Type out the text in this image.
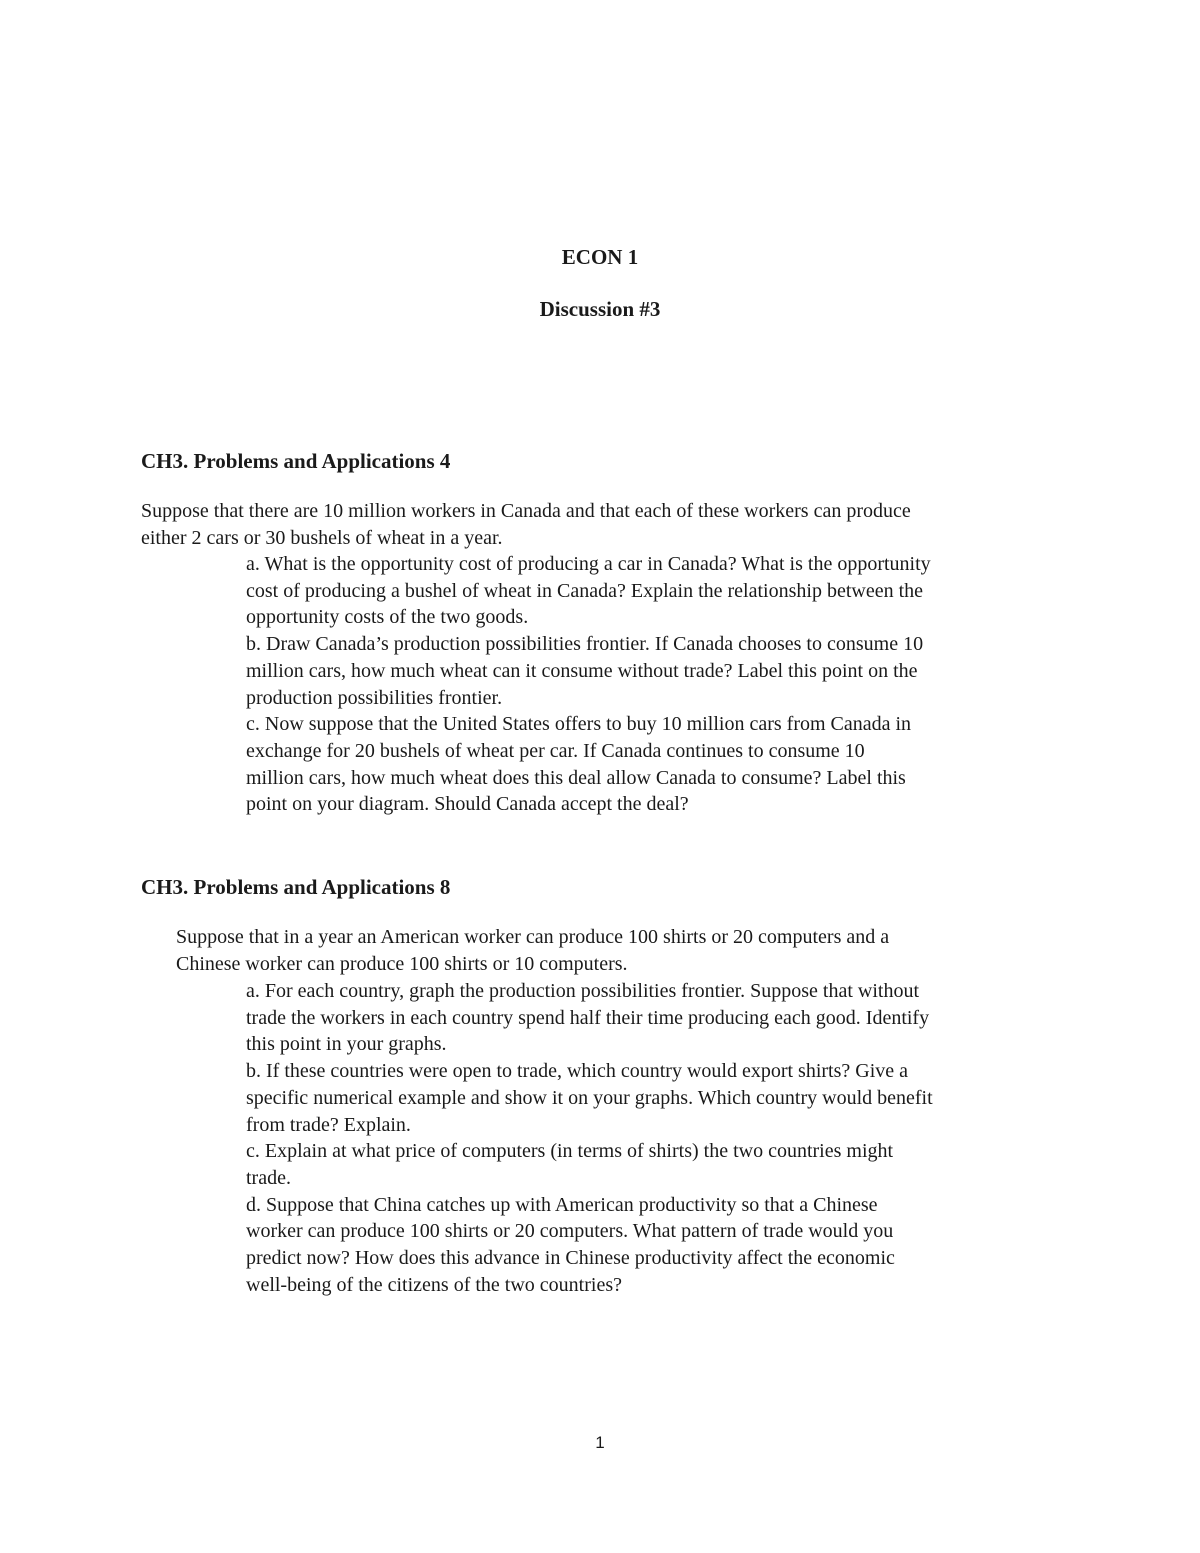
ECON 1
Discussion #3
CH3. Problems and Applications 4

Suppose that there are 10 million workers in Canada and that each of these workers can produce
either 2 cars or 30 bushels of wheat in a year.

a. What is the opportunity cost of producing a car in Canada? What is the opportunity
cost of producing a bushel of wheat in Canada? Explain the relationship between the
opportunity costs of the two goods.
b. Draw Canada’s production possibilities frontier. If Canada chooses to consume 10
million cars, how much wheat can it consume without trade? Label this point on the
production possibilities frontier.
c. Now suppose that the United States offers to buy 10 million cars from Canada in
exchange for 20 bushels of wheat per car. If Canada continues to consume 10
million cars, how much wheat does this deal allow Canada to consume? Label this
point on your diagram. Should Canada accept the deal?
CH3. Problems and Applications 8

Suppose that in a year an American worker can produce 100 shirts or 20 computers and a
Chinese worker can produce 100 shirts or 10 computers.

a. For each country, graph the production possibilities frontier. Suppose that without
trade the workers in each country spend half their time producing each good. Identify
this point in your graphs.
b. If these countries were open to trade, which country would export shirts? Give a
specific numerical example and show it on your graphs. Which country would benefit
from trade? Explain.
c. Explain at what price of computers (in terms of shirts) the two countries might
trade.
d. Suppose that China catches up with American productivity so that a Chinese
worker can produce 100 shirts or 20 computers. What pattern of trade would you
predict now? How does this advance in Chinese productivity affect the economic
well-being of the citizens of the two countries?

1
